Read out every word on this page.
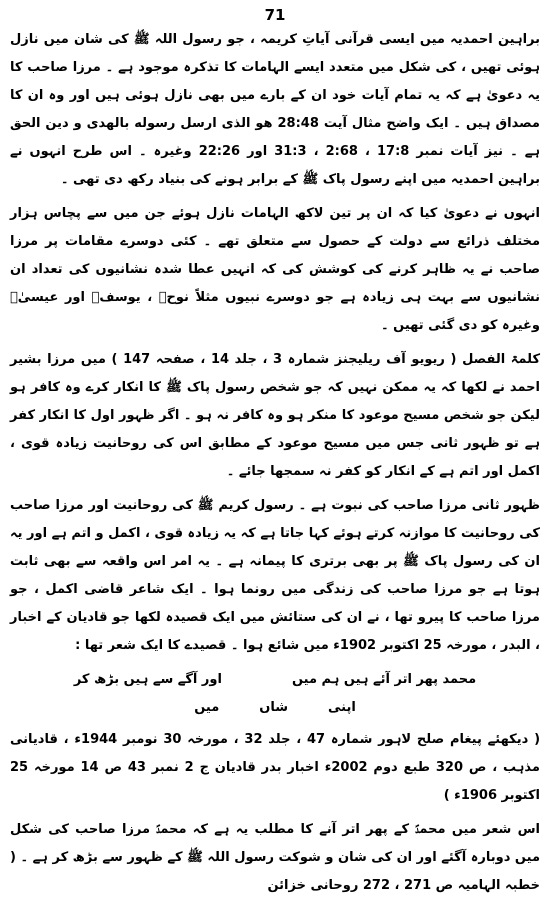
71

براہین احمدیہ میں ایسی قرآنی آیاتِ کریمہ ، جو رسول اللہ ﷺ کی شان میں نازل ہوئی تھیں ، کی شکل میں متعدد ایسے الہامات کا تذکرہ موجود ہے ۔ مرزا صاحب کا یہ دعویٰ ہے کہ یہ تمام آیات خود ان کے بارے میں بھی نازل ہوئی ہیں اور وہ ان کا مصداق ہیں ۔ ایک واضح مثال آیت 28:48 هو الذى ارسل رسوله بالهدى و دين الحق ہے ۔ نیز آیات نمبر 17:8 ، 2:68 ، 31:3 اور 22:26 وغیرہ ۔ اس طرح انہوں نے براہین احمدیہ میں اپنے رسول پاک ﷺ کے برابر ہونے کی بنیاد رکھ دی تھی ۔

انہوں نے دعویٰ کیا کہ ان پر تین لاکھ الہامات نازل ہوئے جن میں سے پچاس ہزار مختلف ذرائع سے دولت کے حصول سے متعلق تھے ۔ کئی دوسرے مقامات پر مرزا صاحب نے یہ ظاہر کرنے کی کوشش کی کہ انہیں عطا شدہ نشانیوں کی تعداد ان نشانیوں سے بہت ہی زیادہ ہے جو دوسرے نبیوں مثلاً نوحؑ ، یوسفؑ اور عیسیٰؑ وغیرہ کو دی گئی تھیں ۔

کلمۃ الفصل ( ریویو آف ریلیجنز شمارہ 3 ، جلد 14 ، صفحہ 147 ) میں مرزا بشیر احمد نے لکھا کہ یہ ممکن نہیں کہ جو شخص رسول پاک ﷺ کا انکار کرے وہ کافر ہو لیکن جو شخص مسیح موعود کا منکر ہو وہ کافر نہ ہو ۔ اگر ظہور اول کا انکار کفر ہے تو ظہور ثانی جس میں مسیح موعود کے مطابق اس کی روحانیت زیادہ قوی ، اکمل اور اتم ہے کے انکار کو کفر نہ سمجھا جائے ۔

ظہور ثانی مرزا صاحب کی نبوت ہے ۔ رسول کریم ﷺ کی روحانیت اور مرزا صاحب کی روحانیت کا موازنہ کرتے ہوئے کہا جاتا ہے کہ یہ زیادہ قوی ، اکمل و اتم ہے اور یہ ان کی رسول پاک ﷺ پر بھی برتری کا پیمانہ ہے ۔ یہ امر اس واقعہ سے بھی ثابت ہوتا ہے جو مرزا صاحب کی زندگی میں رونما ہوا ۔ ایک شاعر قاضی اکمل ، جو مرزا صاحب کا پیرو تھا ، نے ان کی ستائش میں ایک قصیدہ لکھا جو قادیان کے اخبار ، البدر ، مورخہ 25 اکتوبر 1902ء میں شائع ہوا ۔ قصیدے کا ایک شعر تھا :

محمد پھر اتر آئے ہیں ہم میں
اور آگے سے ہیں بڑھ کر
اپنی
شاں
میں

( دیکھئے پیغام صلح لاہور شمارہ 47 ، جلد 32 ، مورخہ 30 نومبر 1944ء ، قادیانی مذہب ، ص 320 طبع دوم 2002ء اخبار بدر قادیان ج 2 نمبر 43 ص 14 مورخہ 25 اکتوبر 1906ء )

اس شعر میں محمدؐ کے پھر اتر آنے کا مطلب یہ ہے کہ محمدؐ مرزا صاحب کی شکل میں دوبارہ آگئے اور ان کی شان و شوکت رسول اللہ ﷺ کے ظہور سے بڑھ کر ہے ۔ ( خطبہ الہامیہ ص 271 ، 272 روحانی خزائن
